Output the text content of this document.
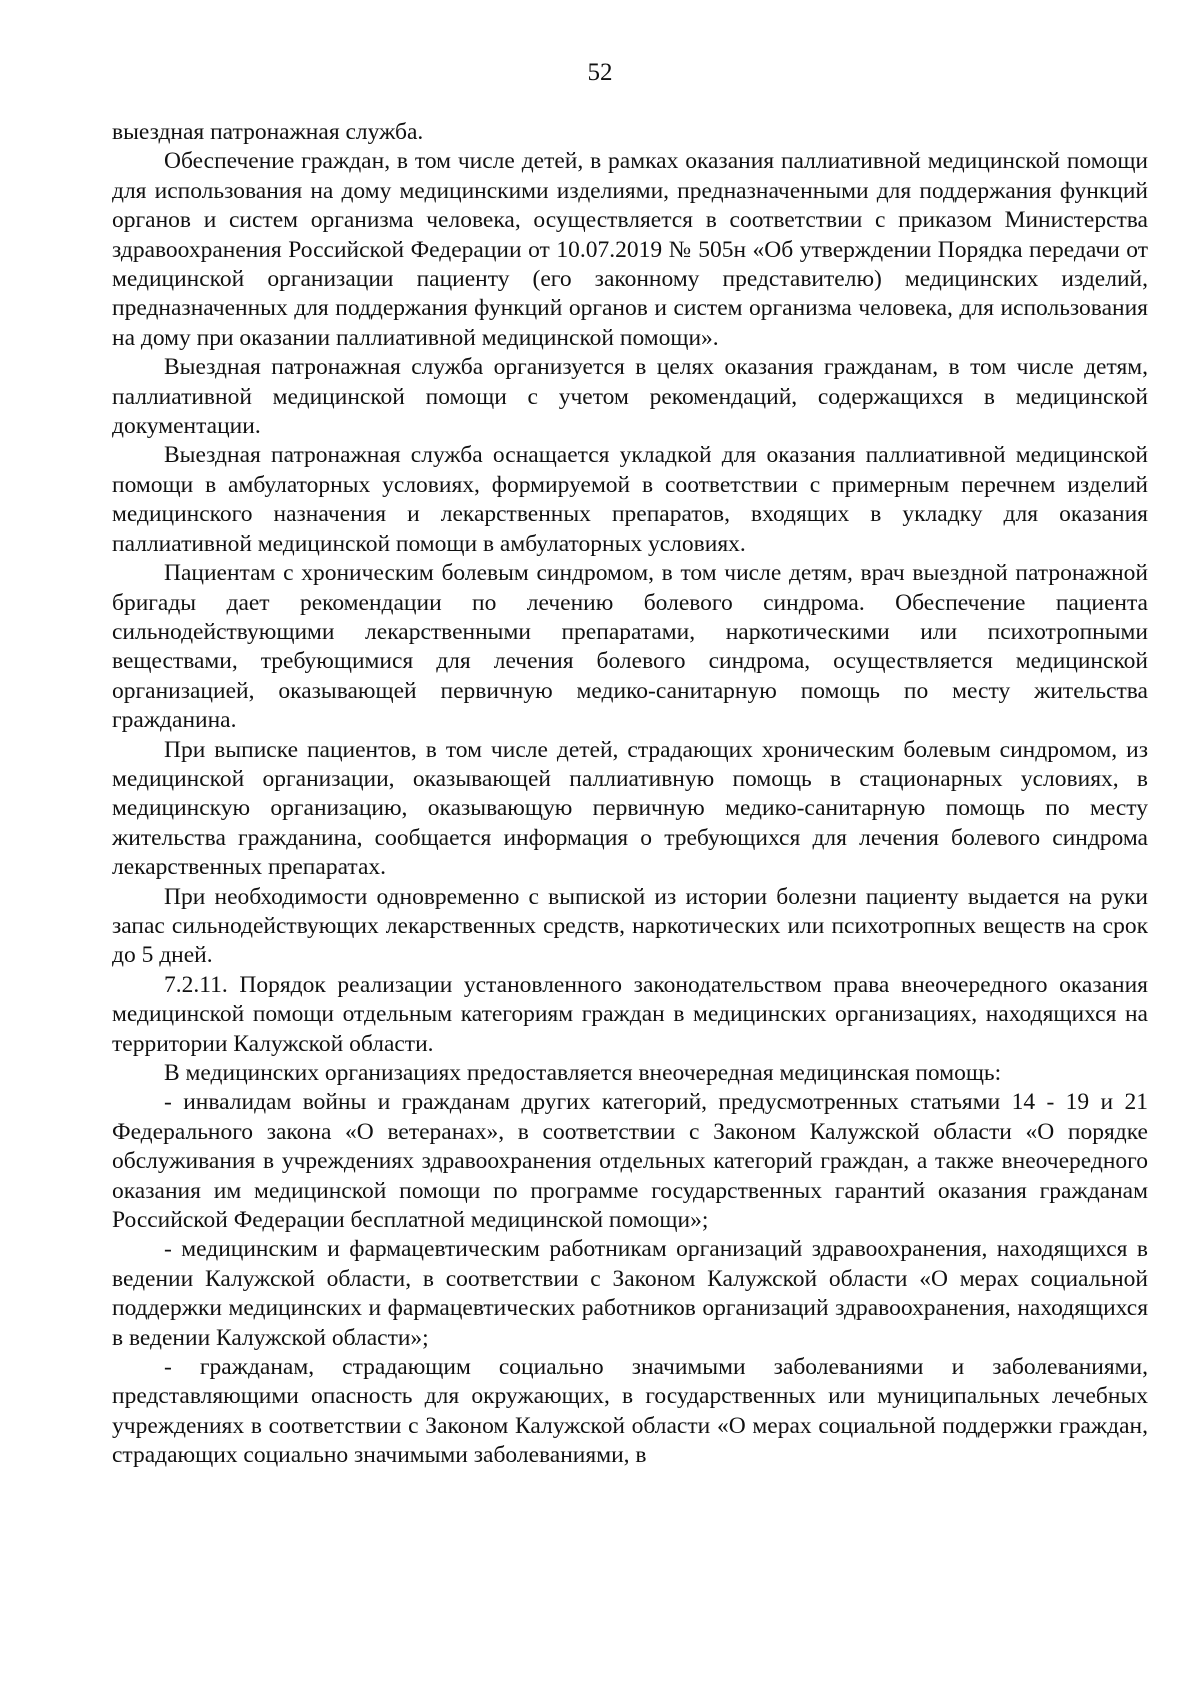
52

выездная патронажная служба.

Обеспечение граждан, в том числе детей, в рамках оказания паллиативной медицинской помощи для использования на дому медицинскими изделиями, предназначенными для поддержания функций органов и систем организма человека, осуществляется в соответствии с приказом Министерства здравоохранения Российской Федерации от 10.07.2019 № 505н «Об утверждении Порядка передачи от медицинской организации пациенту (его законному представителю) медицинских изделий, предназначенных для поддержания функций органов и систем организма человека, для использования на дому при оказании паллиативной медицинской помощи».

Выездная патронажная служба организуется в целях оказания гражданам, в том числе детям, паллиативной медицинской помощи с учетом рекомендаций, содержащихся в медицинской документации.

Выездная патронажная служба оснащается укладкой для оказания паллиативной медицинской помощи в амбулаторных условиях, формируемой в соответствии с примерным перечнем изделий медицинского назначения и лекарственных препаратов, входящих в укладку для оказания паллиативной медицинской помощи в амбулаторных условиях.

Пациентам с хроническим болевым синдромом, в том числе детям, врач выездной патронажной бригады дает рекомендации по лечению болевого синдрома. Обеспечение пациента сильнодействующими лекарственными препаратами, наркотическими или психотропными веществами, требующимися для лечения болевого синдрома, осуществляется медицинской организацией, оказывающей первичную медико-санитарную помощь по месту жительства гражданина.

При выписке пациентов, в том числе детей, страдающих хроническим болевым синдромом, из медицинской организации, оказывающей паллиативную помощь в стационарных условиях, в медицинскую организацию, оказывающую первичную медико-санитарную помощь по месту жительства гражданина, сообщается информация о требующихся для лечения болевого синдрома лекарственных препаратах.

При необходимости одновременно с выпиской из истории болезни пациенту выдается на руки запас сильнодействующих лекарственных средств, наркотических или психотропных веществ на срок до 5 дней.

7.2.11. Порядок реализации установленного законодательством права внеочередного оказания медицинской помощи отдельным категориям граждан в медицинских организациях, находящихся на территории Калужской области.

В медицинских организациях предоставляется внеочередная медицинская помощь:

- инвалидам войны и гражданам других категорий, предусмотренных статьями 14 - 19 и 21 Федерального закона «О ветеранах», в соответствии с Законом Калужской области «О порядке обслуживания в учреждениях здравоохранения отдельных категорий граждан, а также внеочередного оказания им медицинской помощи по программе государственных гарантий оказания гражданам Российской Федерации бесплатной медицинской помощи»;

- медицинским и фармацевтическим работникам организаций здравоохранения, находящихся в ведении Калужской области, в соответствии с Законом Калужской области «О мерах социальной поддержки медицинских и фармацевтических работников организаций здравоохранения, находящихся в ведении Калужской области»;

- гражданам, страдающим социально значимыми заболеваниями и заболеваниями, представляющими опасность для окружающих, в государственных или муниципальных лечебных учреждениях в соответствии с Законом Калужской области «О мерах социальной поддержки граждан, страдающих социально значимыми заболеваниями, в
